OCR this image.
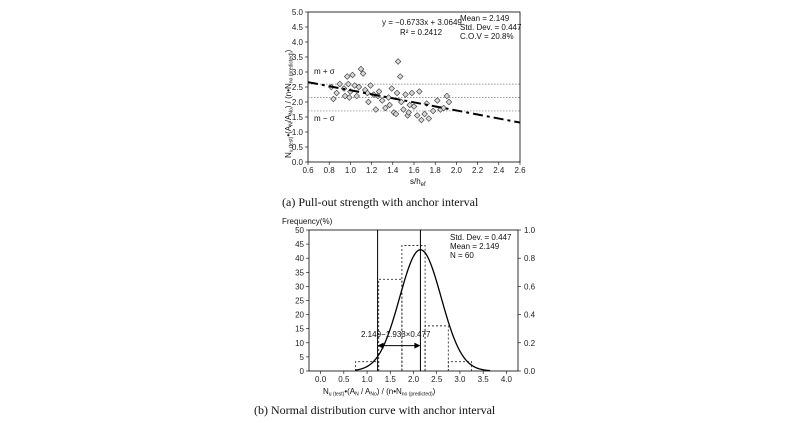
0.6 0.8 1.0 1.2 1.4 1.6 1.8 2.0 2.2 2.4 2.6
0.0
0.5
1.0
1.5
2.0
2.5
3.0
3.5
4.0
4.5
5.0
m + σ
m − σ
y = −0.6733x + 3.0649
R² = 0.2412
Mean = 2.149
Std. Dev. = 0.447
C.O.V = 20.8%
$s/h_{ef}$
Nu (test)•(AN/ANo) / (n•Nno (predicted))
(a) Pull-out strength with anchor interval
0.0 0.5 1.0 1.5 2.0 2.5 3.0 3.5 4.0
0
5
10
15
20
25
30
35
40
45
50
0.0
0.2
0.4
0.6
0.8
1.0
2.149−1.933×0.477
Frequency(%)
Std. Dev. = 0.447
Mean = 2.149
N = 60
Nu (test)•(AN / ANo) / (n•Nno (predicted))
(b) Normal distribution curve with anchor interval
